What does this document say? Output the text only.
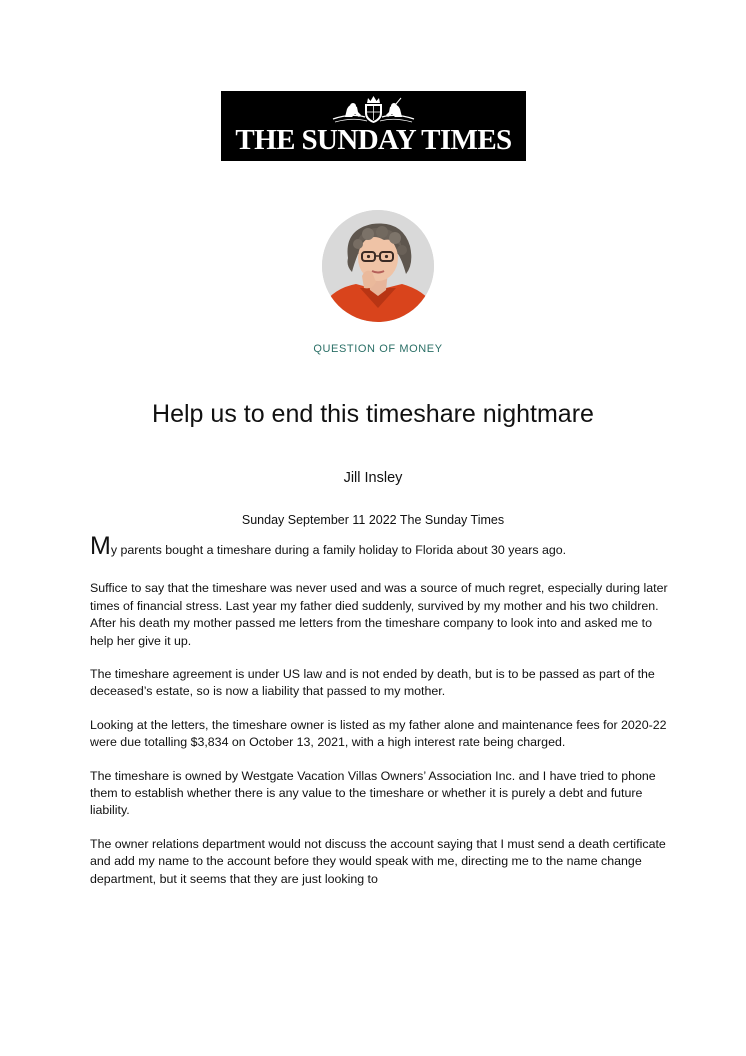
THE SUNDAY TIMES
QUESTION OF MONEY
Help us to end this timeshare nightmare
Jill Insley
Sunday September 11 2022 The Sunday Times

My parents bought a timeshare during a family holiday to Florida about 30 years ago.

Suffice to say that the timeshare was never used and was a source of much regret, especially during later times of financial stress. Last year my father died suddenly, survived by my mother and his two children. After his death my mother passed me letters from the timeshare company to look into and asked me to help her give it up.

The timeshare agreement is under US law and is not ended by death, but is to be passed as part of the deceased’s estate, so is now a liability that passed to my mother.

Looking at the letters, the timeshare owner is listed as my father alone and maintenance fees for 2020-22 were due totalling $3,834 on October 13, 2021, with a high interest rate being charged.

The timeshare is owned by Westgate Vacation Villas Owners’ Association Inc. and I have tried to phone them to establish whether there is any value to the timeshare or whether it is purely a debt and future liability.

The owner relations department would not discuss the account saying that I must send a death certificate and add my name to the account before they would speak with me, directing me to the name change department, but it seems that they are just looking to
